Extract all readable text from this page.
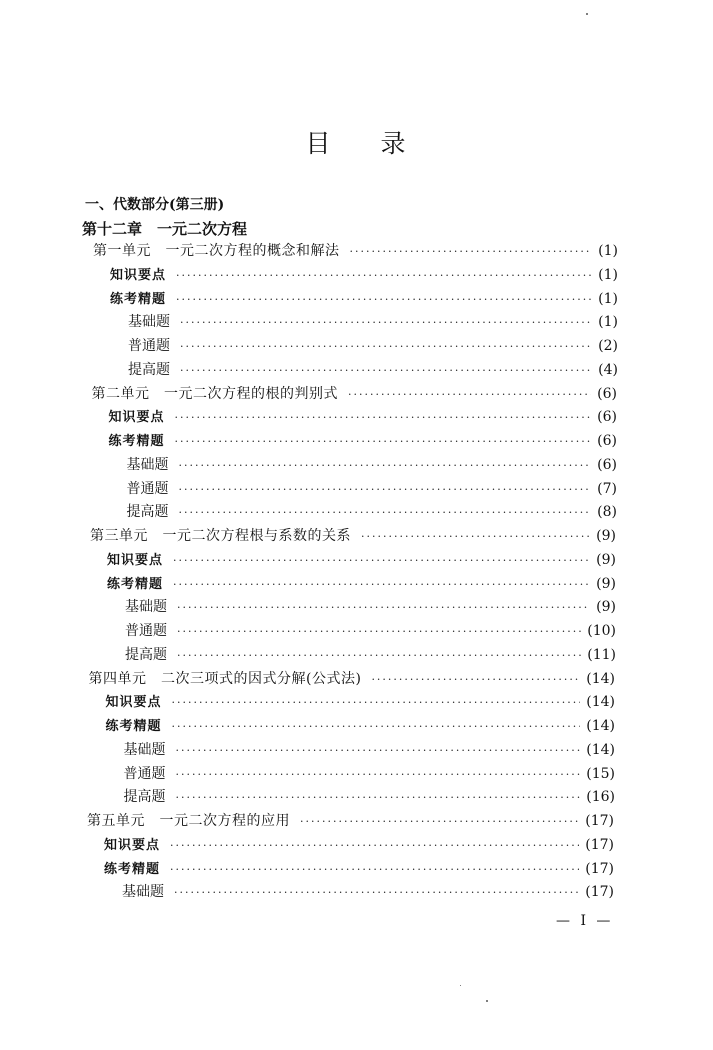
目 录
一、代数部分(第三册)
第十二章　一元二次方程
第一单元　一元二次方程的概念和解法 ·····	(1)
知识要点 ·····	(1)
练考精题 ·····	(1)
基础题 ·····	(1)
普通题 ·····	(2)
提高题 ·····	(4)
第二单元　一元二次方程的根的判别式 ·····	(6)
知识要点 ·····	(6)
练考精题 ·····	(6)
基础题 ·····	(6)
普通题 ·····	(7)
提高题 ·····	(8)
第三单元　一元二次方程根与系数的关系 ·····	(9)
知识要点 ·····	(9)
练考精题 ·····	(9)
基础题 ·····	(9)
普通题 ·····	(10)
提高题 ·····	(11)
第四单元　二次三项式的因式分解(公式法) ·····	(14)
知识要点 ·····	(14)
练考精题 ·····	(14)
基础题 ·····	(14)
普通题 ·····	(15)
提高题 ·····	(16)
第五单元　一元二次方程的应用 ·····	(17)
知识要点 ·····	(17)
练考精题 ·····	(17)
基础题 ·····	(17)
— I —
